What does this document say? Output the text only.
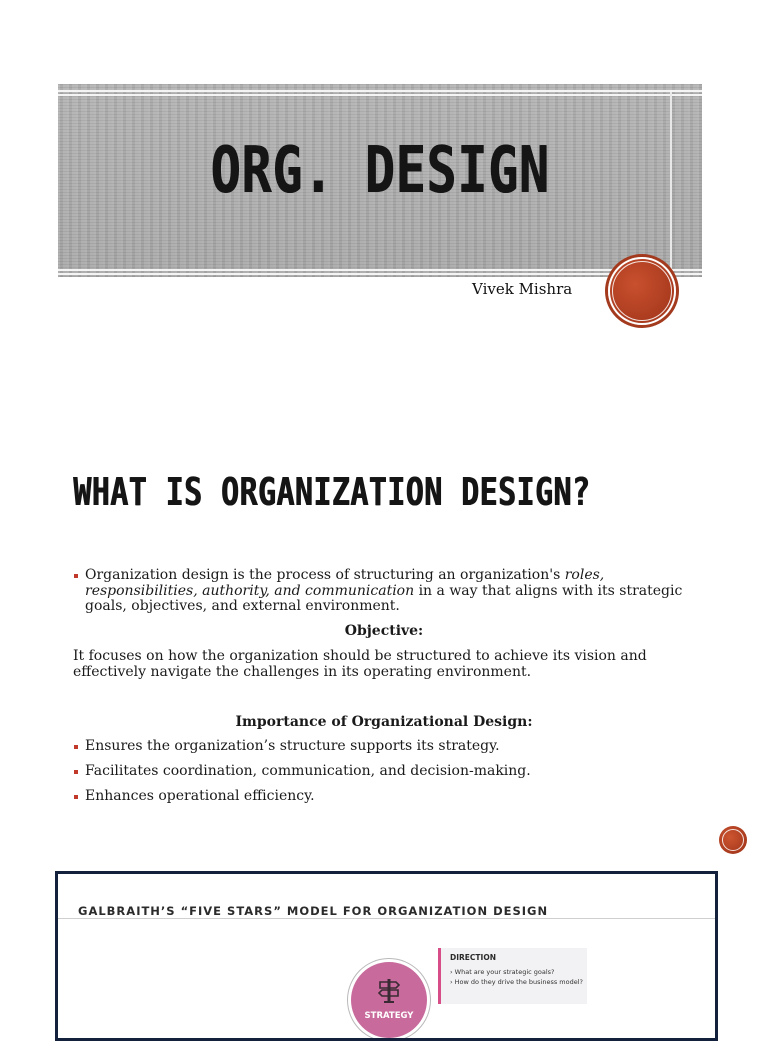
ORG. DESIGN
Vivek Mishra
WHAT IS ORGANIZATION DESIGN?
Organization design is the process of structuring an organization's roles, responsibilities, authority, and communication in a way that aligns with its strategic goals, objectives, and external environment.
Objective:
It focuses on how the organization should be structured to achieve its vision and effectively navigate the challenges in its operating environment.
Importance of Organizational Design:
Ensures the organization’s structure supports its strategy.
Facilitates coordination, communication, and decision-making.
Enhances operational efficiency.
GALBRAITH’S “FIVE STARS” MODEL FOR ORGANIZATION DESIGN
STRATEGY
DIRECTION
› What are your strategic goals?
› How do they drive the business model?
